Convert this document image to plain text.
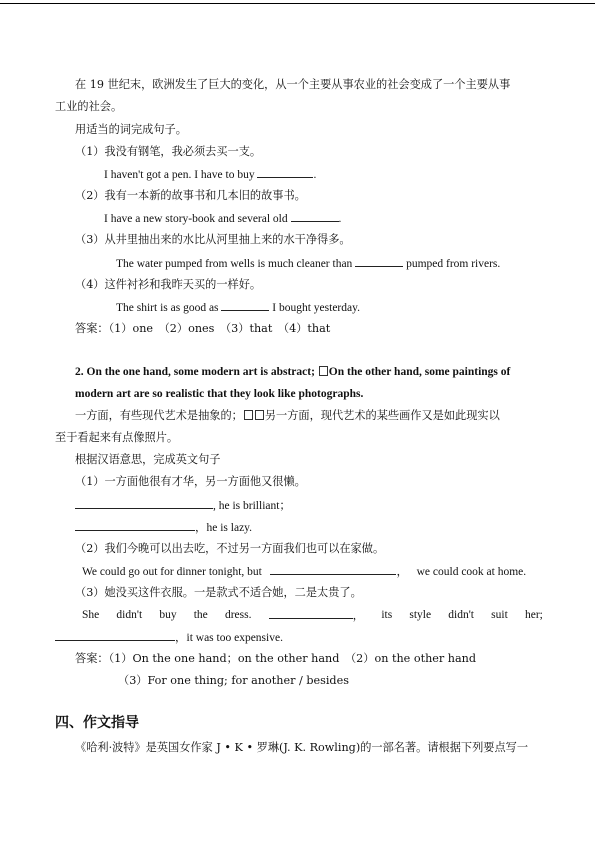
在 19 世纪末，欧洲发生了巨大的变化，从一个主要从事农业的社会变成了一个主要从事
工业的社会。
用适当的词完成句子。
（1）我没有钢笔，我必须去买一支。
I haven't got a pen. I have to buy	.
（2）我有一本新的故事书和几本旧的故事书。
I have a new story-book and several old	.
（3）从井里抽出来的水比从河里抽上来的水干净得多。
The water pumped from wells is much cleaner than	pumped from rivers.
（4）这件衬衫和我昨天买的一样好。
The shirt is as good as	I bought yesterday.
答案：（1）one　（2）ones　（3）that　（4）that
2. On the one hand, some modern art is abstract; On the other hand, some paintings of
modern art are so realistic that they look like photographs.
一方面，有些现代艺术是抽象的； 另一方面，现代艺术的某些画作又是如此现实以
至于看起来有点像照片。
根据汉语意思，完成英文句子
（1）一方面他很有才华，另一方面他又很懒。
, he is brilliant；
，he is lazy.
（2）我们今晚可以出去吃，不过另一方面我们也可以在家做。
We could go out for dinner tonight, but	， we could cook at home.
（3）她没买这件衣服。一是款式不适合她，二是太贵了。
She didn't buy the dress.	， its style didn't suit her;
，it was too expensive.
答案：（1）On the one hand；on the other hand　（2）on the other hand
（3）For one thing; for another / besides
四、作文指导
《哈利·波特》是英国女作家 J • K • 罗琳(J. K. Rowling)的一部名著。请根据下列要点写一
